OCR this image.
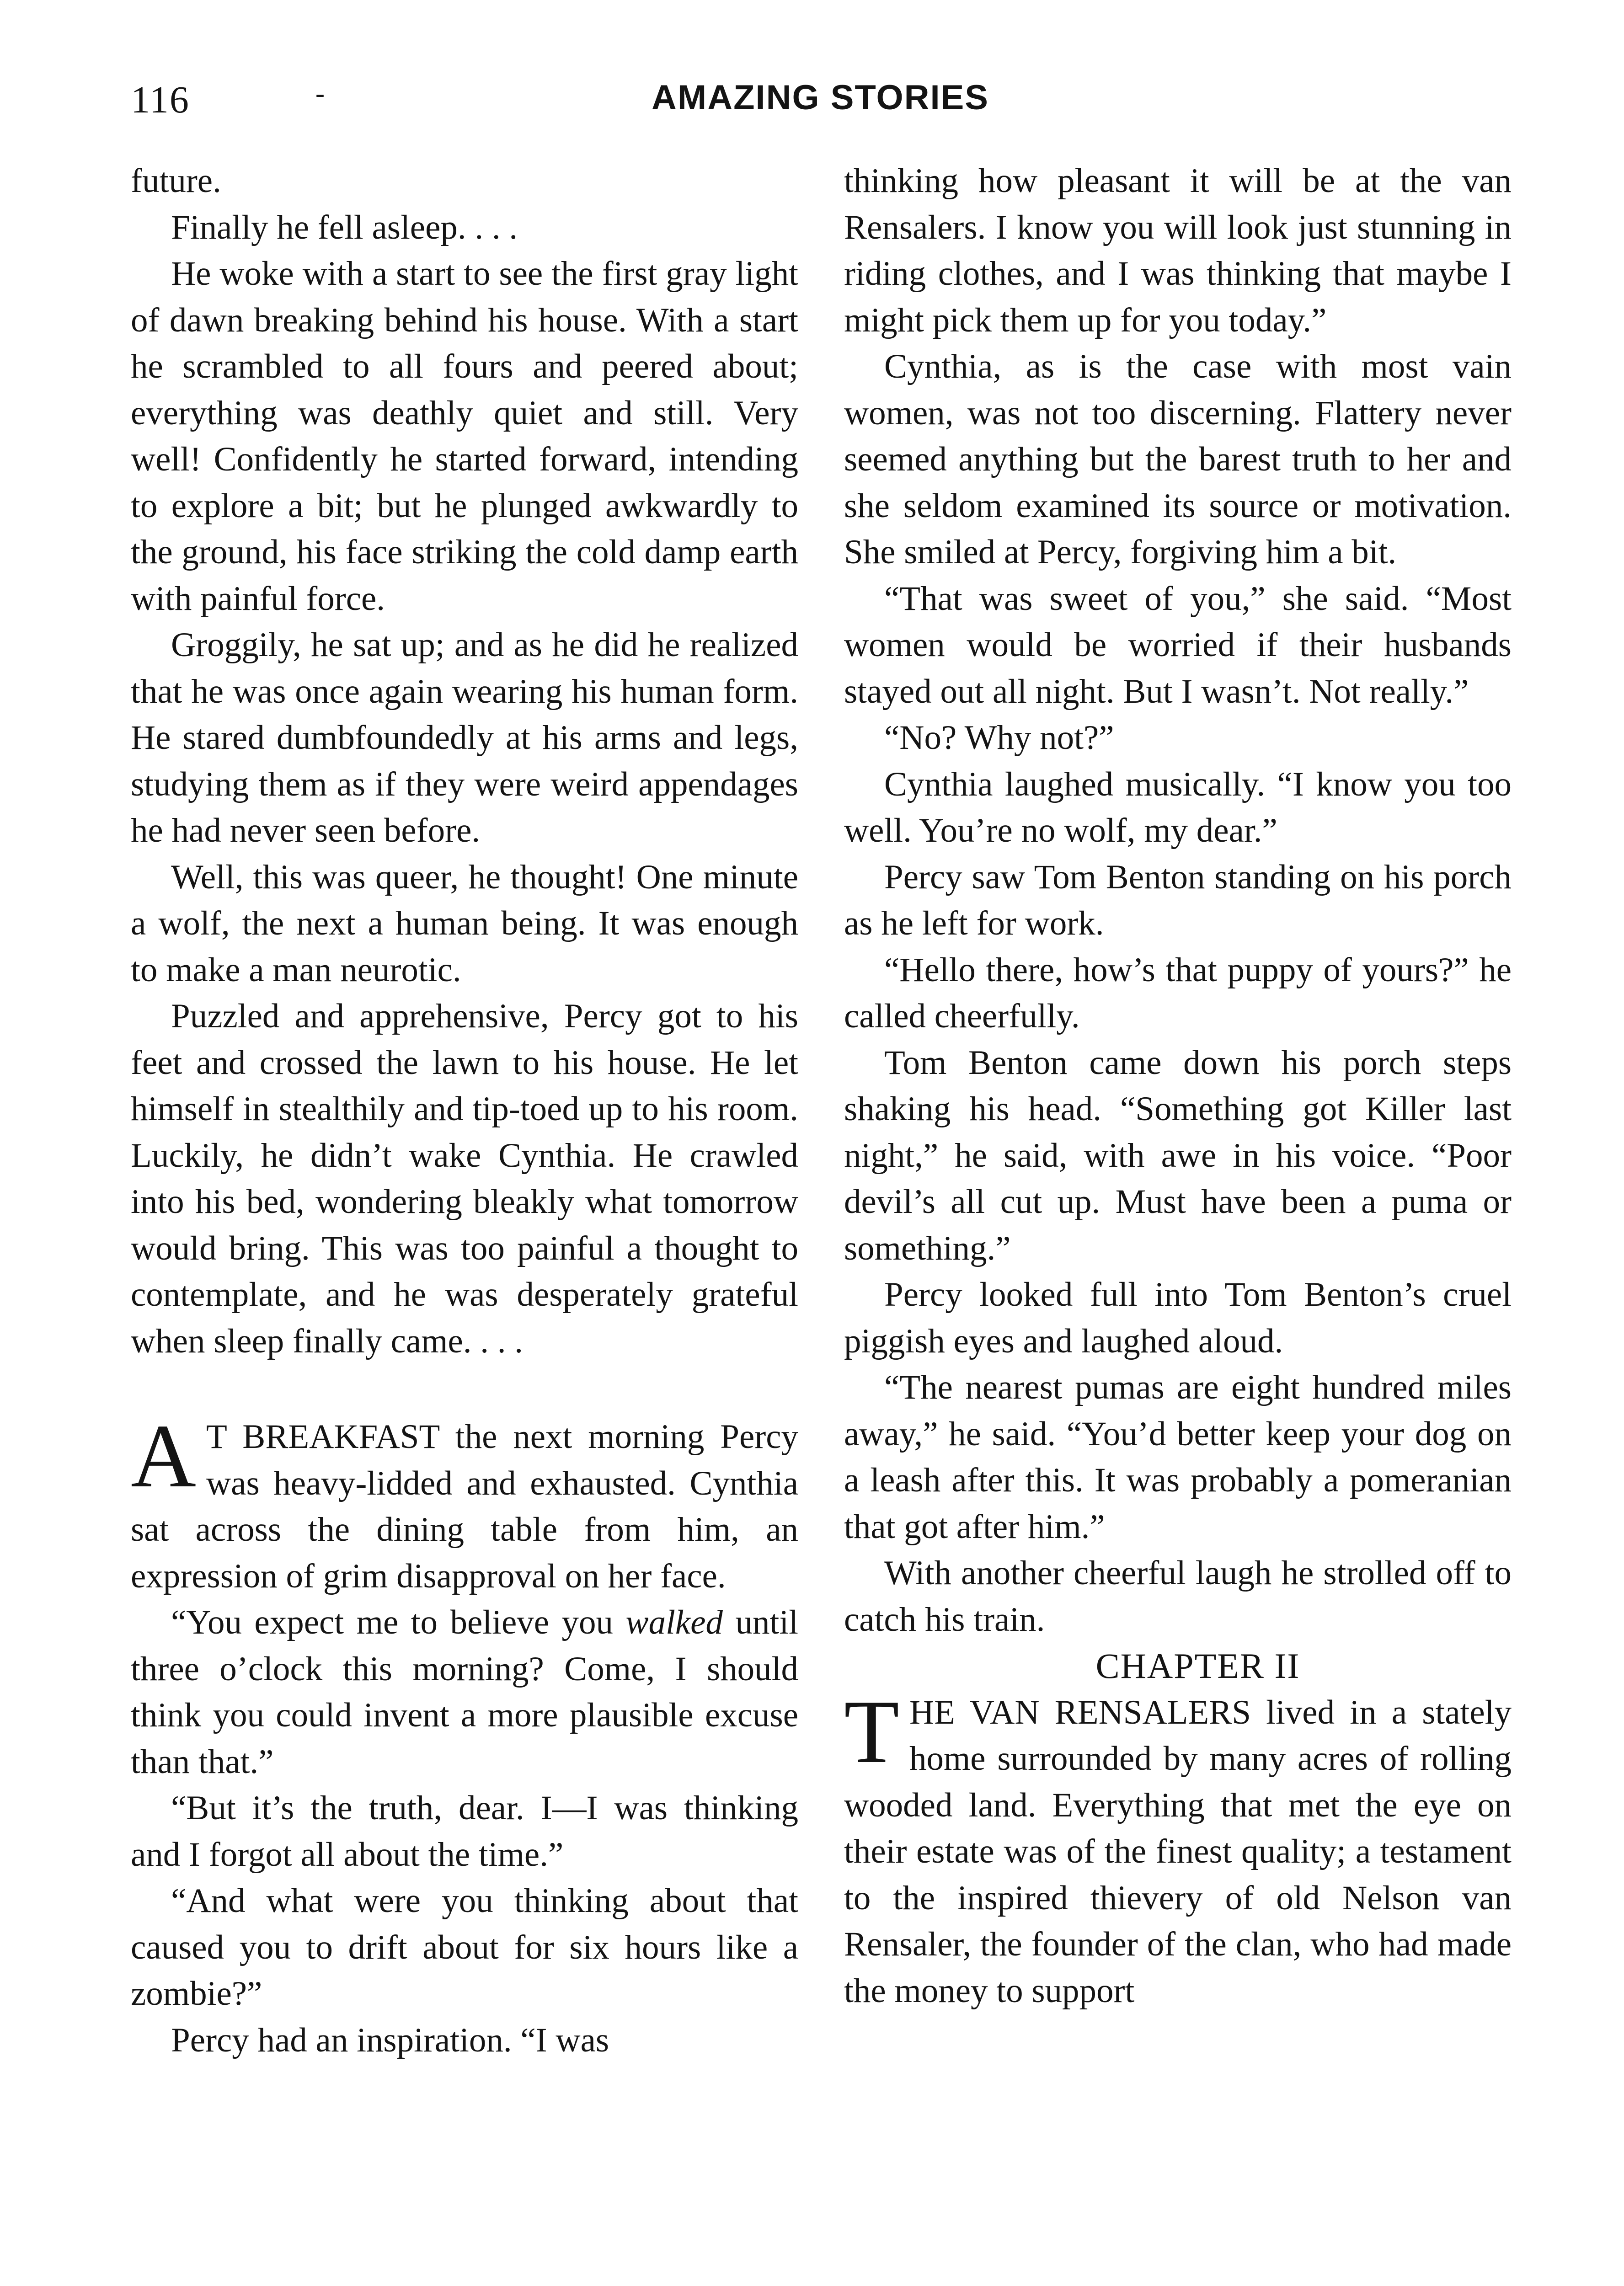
116	-	AMAZING STORIES

future.

Finally he fell asleep. . . .

He woke with a start to see the first gray light of dawn breaking behind his house. With a start he scrambled to all fours and peered about; everything was deathly quiet and still. Very well! Confidently he started forward, intending to explore a bit; but he plunged awkwardly to the ground, his face striking the cold damp earth with painful force.

Groggily, he sat up; and as he did he realized that he was once again wearing his human form. He stared dumbfoundedly at his arms and legs, studying them as if they were weird appendages he had never seen before.

Well, this was queer, he thought! One minute a wolf, the next a human being. It was enough to make a man neurotic.

Puzzled and apprehensive, Percy got to his feet and crossed the lawn to his house. He let himself in stealthily and tip-toed up to his room. Luckily, he didn’t wake Cynthia. He crawled into his bed, wondering bleakly what tomorrow would bring. This was too painful a thought to contemplate, and he was desperately grateful when sleep finally came. . . .

A T BREAKFAST the next morning Percy was heavy-lidded and exhausted. Cynthia sat across the dining table from him, an expression of grim disapproval on her face.

“You expect me to believe you walked until three o’clock this morning? Come, I should think you could invent a more plausible excuse than that.”

“But it’s the truth, dear. I—I was thinking and I forgot all about the time.”

“And what were you thinking about that caused you to drift about for six hours like a zombie?”

Percy had an inspiration. “I was

thinking how pleasant it will be at the van Rensalers. I know you will look just stunning in riding clothes, and I was thinking that maybe I might pick them up for you today.”

Cynthia, as is the case with most vain women, was not too discerning. Flattery never seemed anything but the barest truth to her and she seldom examined its source or motivation. She smiled at Percy, forgiving him a bit.

“That was sweet of you,” she said. “Most women would be worried if their husbands stayed out all night. But I wasn’t. Not really.”

“No? Why not?”

Cynthia laughed musically. “I know you too well. You’re no wolf, my dear.”

Percy saw Tom Benton standing on his porch as he left for work.

“Hello there, how’s that puppy of yours?” he called cheerfully.

Tom Benton came down his porch steps shaking his head. “Something got Killer last night,” he said, with awe in his voice. “Poor devil’s all cut up. Must have been a puma or something.”

Percy looked full into Tom Benton’s cruel piggish eyes and laughed aloud.

“The nearest pumas are eight hundred miles away,” he said. “You’d better keep your dog on a leash after this. It was probably a pomeranian that got after him.”

With another cheerful laugh he strolled off to catch his train.

CHAPTER II

THE VAN RENSALERS lived in a stately home surrounded by many acres of rolling wooded land. Everything that met the eye on their estate was of the finest quality; a testament to the inspired thievery of old Nelson van Rensaler, the founder of the clan, who had made the money to support
